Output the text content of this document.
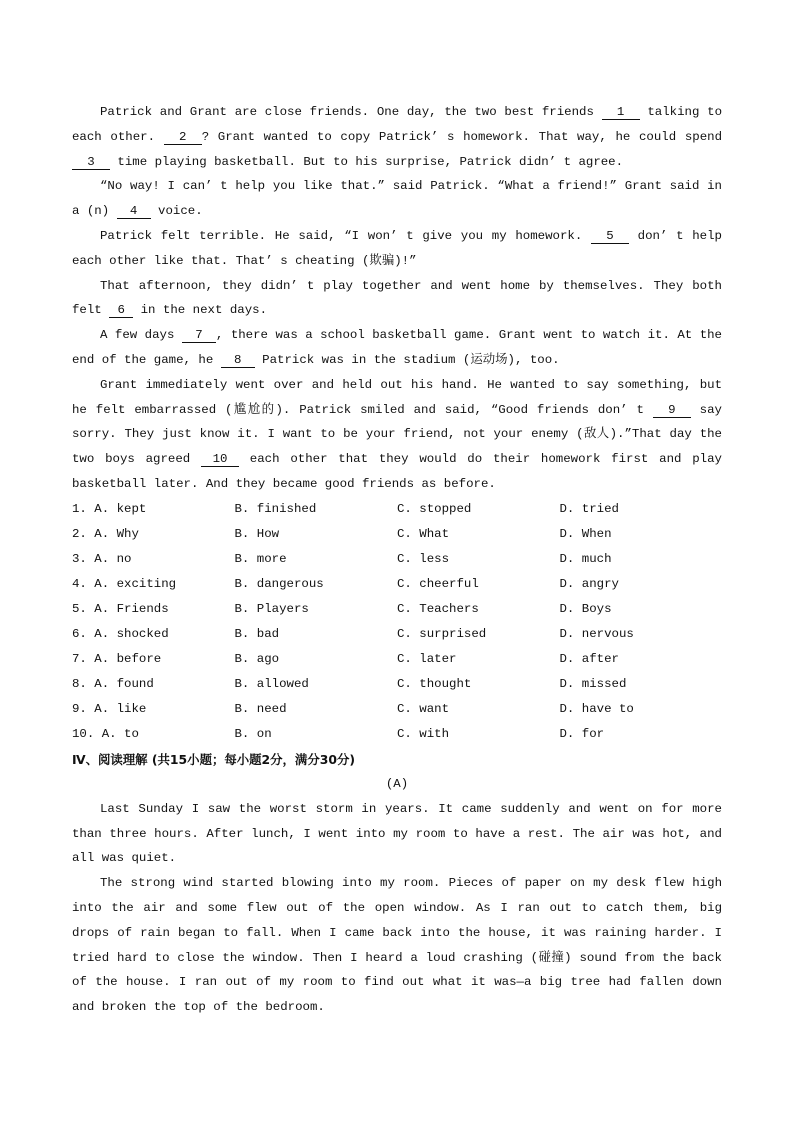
Patrick and Grant are close friends. One day, the two best friends 1 talking to each other. 2 ? Grant wanted to copy Patrick’ s homework. That way, he could spend 3 time playing basketball. But to his surprise, Patrick didn’ t agree.

“No way! I can’ t help you like that.” said Patrick. “What a friend!” Grant said in a (n) 4 voice.

Patrick felt terrible. He said, “I won’ t give you my homework. 5 don’ t help each other like that. That’ s cheating (欺骗)!”

That afternoon, they didn’ t play together and went home by themselves. They both felt 6 in the next days.

A few days 7 , there was a school basketball game. Grant went to watch it. At the end of the game, he 8 Patrick was in the stadium (运动场), too.

Grant immediately went over and held out his hand. He wanted to say something, but he felt embarrassed (尴尬的). Patrick smiled and said, “Good friends don’ t 9 say sorry. They just know it. I want to be your friend, not your enemy (敌人).”That day the two boys agreed 10 each other that they would do their homework first and play basketball later. And they became good friends as before.

1. A. kept	B. finished	C. stopped	D. tried
2. A. Why	B. How	C. What	D. When
3. A. no	B. more	C. less	D. much
4. A. exciting	B. dangerous	C. cheerful	D. angry
5. A. Friends	B. Players	C. Teachers	D. Boys
6. A. shocked	B. bad	C. surprised	D. nervous
7. A. before	B. ago	C. later	D. after
8. A. found	B. allowed	C. thought	D. missed
9. A. like	B. need	C. want	D. have to
10. A. to	B. on	C. with	D. for

Ⅳ、阅读理解 (共15小题；每小题2分，满分30分)

(A)

Last Sunday I saw the worst storm in years. It came suddenly and went on for more than three hours. After lunch, I went into my room to have a rest. The air was hot, and all was quiet.

The strong wind started blowing into my room. Pieces of paper on my desk flew high into the air and some flew out of the open window. As I ran out to catch them, big drops of rain began to fall. When I came back into the house, it was raining harder. I tried hard to close the window. Then I heard a loud crashing (碰撞) sound from the back of the house. I ran out of my room to find out what it was—a big tree had fallen down and broken the top of the bedroom.
